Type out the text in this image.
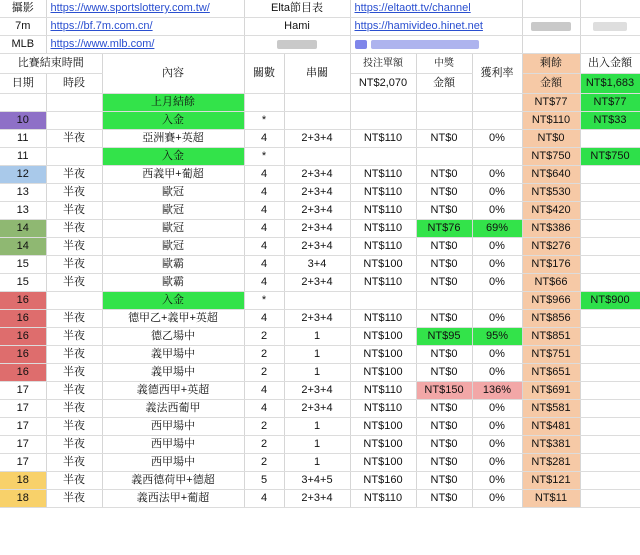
攝影	https://www.sportslottery.com.tw/		Elta節目表		https://eltaott.tv/channel				
7m	https://bf.7m.com.cn/		Hami		https://hamivideo.hinet.net				
MLB	https://www.mlb.com/								
比賽結束時間		內容	關數	串關	投注單額	中獎	獲利率	剩餘	出入金額
日期	時段				NT$2,070	金額		金額	NT$1,683
		上月結餘						NT$77	NT$77
10		入金	*					NT$110	NT$33
11	半夜	亞洲賽+英超	4	2+3+4	NT$110	NT$0	0%	NT$0	
11		入金	*					NT$750	NT$750
12	半夜	西義甲+葡超	4	2+3+4	NT$110	NT$0	0%	NT$640	
13	半夜	歐冠	4	2+3+4	NT$110	NT$0	0%	NT$530	
13	半夜	歐冠	4	2+3+4	NT$110	NT$0	0%	NT$420	
14	半夜	歐冠	4	2+3+4	NT$110	NT$76	69%	NT$386	
14	半夜	歐冠	4	2+3+4	NT$110	NT$0	0%	NT$276	
15	半夜	歐霸	4	3+4	NT$100	NT$0	0%	NT$176	
15	半夜	歐霸	4	2+3+4	NT$110	NT$0	0%	NT$66	
16		入金	*					NT$966	NT$900
16	半夜	德甲乙+義甲+英超	4	2+3+4	NT$110	NT$0	0%	NT$856	
16	半夜	德乙場中	2	1	NT$100	NT$95	95%	NT$851	
16	半夜	義甲場中	2	1	NT$100	NT$0	0%	NT$751	
16	半夜	義甲場中	2	1	NT$100	NT$0	0%	NT$651	
17	半夜	義德西甲+英超	4	2+3+4	NT$110	NT$150	136%	NT$691	
17	半夜	義法西葡甲	4	2+3+4	NT$110	NT$0	0%	NT$581	
17	半夜	西甲場中	2	1	NT$100	NT$0	0%	NT$481	
17	半夜	西甲場中	2	1	NT$100	NT$0	0%	NT$381	
17	半夜	西甲場中	2	1	NT$100	NT$0	0%	NT$281	
18	半夜	義西德荷甲+德超	5	3+4+5	NT$160	NT$0	0%	NT$121	
18	半夜	義西法甲+葡超	4	2+3+4	NT$110	NT$0	0%	NT$11	
